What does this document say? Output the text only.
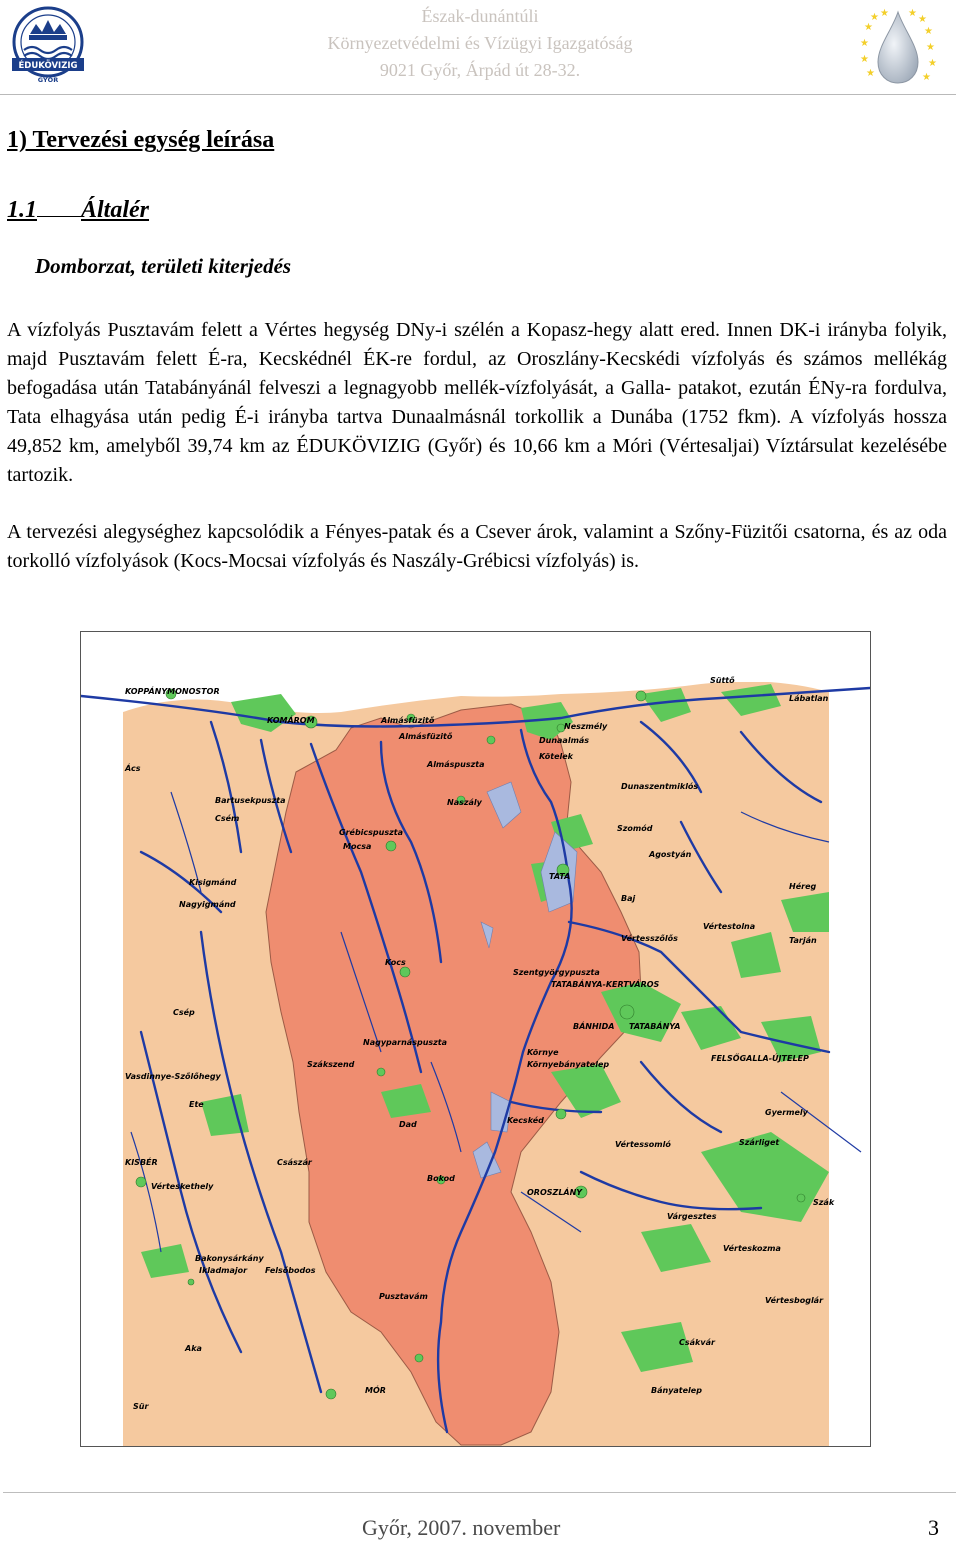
ÉDUKÖVIZIG
GYŐR
Észak-dunántúli
Környezetvédelmi és Vízügyi Igazgatóság
9021 Győr, Árpád út 28-32.
★
★ ★ ★
★
★
★
★
★
★
★	★
1) Tervezési egység leírása
1.1 Általér
Domborzat, területi kiterjedés
A vízfolyás Pusztavám felett a Vértes hegység DNy-i szélén a Kopasz-hegy alatt ered. Innen DK-i irányba folyik, majd Pusztavám felett É-ra, Kecskédnél ÉK-re fordul, az Oroszlány-Kecskédi vízfolyás és számos mellékág befogadása után Tatabányánál felveszi a legnagyobb mellék-vízfolyását, a Galla- patakot, ezután ÉNy-ra fordulva, Tata elhagyása után pedig É-i irányba tartva Dunaalmásnál torkollik a Dunába (1752 fkm). A vízfolyás hossza 49,852 km, amelyből 39,74 km az ÉDUKÖVIZIG (Győr) és 10,66 km a Móri (Vértesaljai) Víztársulat kezelésébe tartozik.
A tervezési alegységhez kapcsolódik a Fényes-patak és a Csever árok, valamint a Szőny-Füzitői csatorna, és az oda torkolló vízfolyások (Kocs-Mocsai vízfolyás és Naszály-Grébicsi vízfolyás) is.
KOPPÁNYMONOSTOR
KOMÁROM	Almásfüzitő
Almásfüzitő
Neszmély
Dunaalmás
Süttő
Lábatlan
Kötelek
Ács	Almáspuszta
Bartusekpuszta
Csém
Naszály
Dunaszentmiklós
Grébicspuszta
Mocsa
Szomód
Kisigmánd
Nagyigmánd
Agostyán
TATA
Baj
Héreg
Vértesszőlős
Vértestolna
Kocs
Szentgyörgypuszta
TATABÁNYA-KERTVÁROS
Tarján
Csép
BÁNHIDA TATABÁNYA
Nagyparnáspuszta
FELSŐGALLA-ÚJTELEP
Vasdinnye-Szőlőhegy
Szákszend
Környe
Környebányatelep
Ete
Dad	Kecskéd
Gyermely
Vértessomló	Szárliget
KISBÉR	Császár
Bokod
OROSZLÁNY
Szák
Vérteskethely
Várgesztes
Bakonysárkány
Ikladmajor Felsőbodos
Vérteskozma
Pusztavám	Vértesboglár
Aka
Csákvár
Sür
MÓR	Bányatelep
Győr, 2007. november	3
